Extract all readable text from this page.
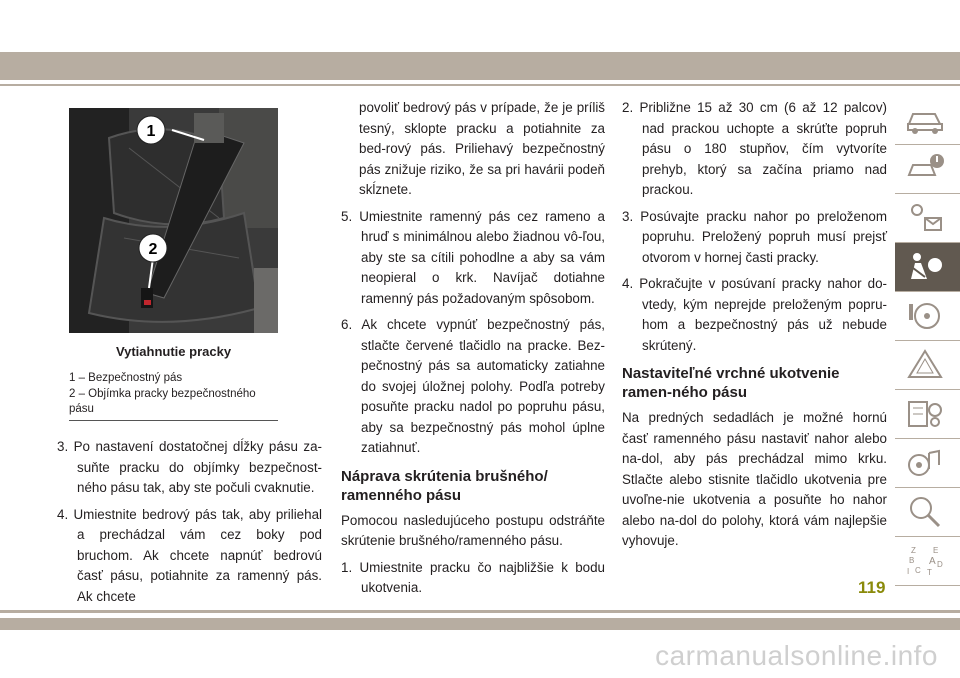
1
2
Vytiahnutie pracky
1 – Bezpečnostný pás
2 – Objímka pracky bezpečnostného
pásu

3. Po nastavení dostatočnej dĺžky pásu za-suňte pracku do objímky bezpečnost-ného pásu tak, aby ste počuli cvaknutie.

4. Umiestnite bedrový pás tak, aby priliehal a prechádzal vám cez boky pod bruchom. Ak chcete napnúť bedrovú časť pásu, potiahnite za ramenný pás. Ak chcete

povoliť bedrový pás v prípade, že je príliš tesný, sklopte pracku a potiahnite za bed-rový pás. Priliehavý bezpečnostný pás znižuje riziko, že sa pri havárii podeň skĺznete.

5. Umiestnite ramenný pás cez rameno a hruď s minimálnou alebo žiadnou vô-ľou, aby ste sa cítili pohodlne a aby sa vám neopieral o krk. Navíjač dotiahne ramenný pás požadovaným spôsobom.

6. Ak chcete vypnúť bezpečnostný pás, stlačte červené tlačidlo na pracke. Bez-pečnostný pás sa automaticky zatiahne do svojej úložnej polohy. Podľa potreby posuňte pracku nadol po popruhu pásu, aby sa bezpečnostný pás mohol úplne zatiahnuť.

Náprava skrútenia brušného/ ramenného pásu

Pomocou nasledujúceho postupu odstráňte skrútenie brušného/ramenného pásu.

1. Umiestnite pracku čo najbližšie k bodu ukotvenia.

2. Približne 15 až 30 cm (6 až 12 palcov) nad prackou uchopte a skrúťte popruh pásu o 180 stupňov, čím vytvoríte prehyb, ktorý sa začína priamo nad prackou.

3. Posúvajte pracku nahor po preloženom popruhu. Preložený popruh musí prejsť otvorom v hornej časti pracky.

4. Pokračujte v posúvaní pracky nahor do-vtedy, kým neprejde preloženým popru-hom a bezpečnostný pás už nebude skrútený.

Nastaviteľné vrchné ukotvenie ramen-ného pásu

Na predných sedadlách je možné hornú časť ramenného pásu nastaviť nahor alebo na-dol, aby pás prechádzal mimo krku. Stlačte alebo stisnite tlačidlo ukotvenia pre uvoľne-nie ukotvenia a posuňte ho nahor alebo na-dol do polohy, ktorá vám najlepšie vyhovuje.

Z E
B A
C
D
I T
119
carmanualsonline.info
